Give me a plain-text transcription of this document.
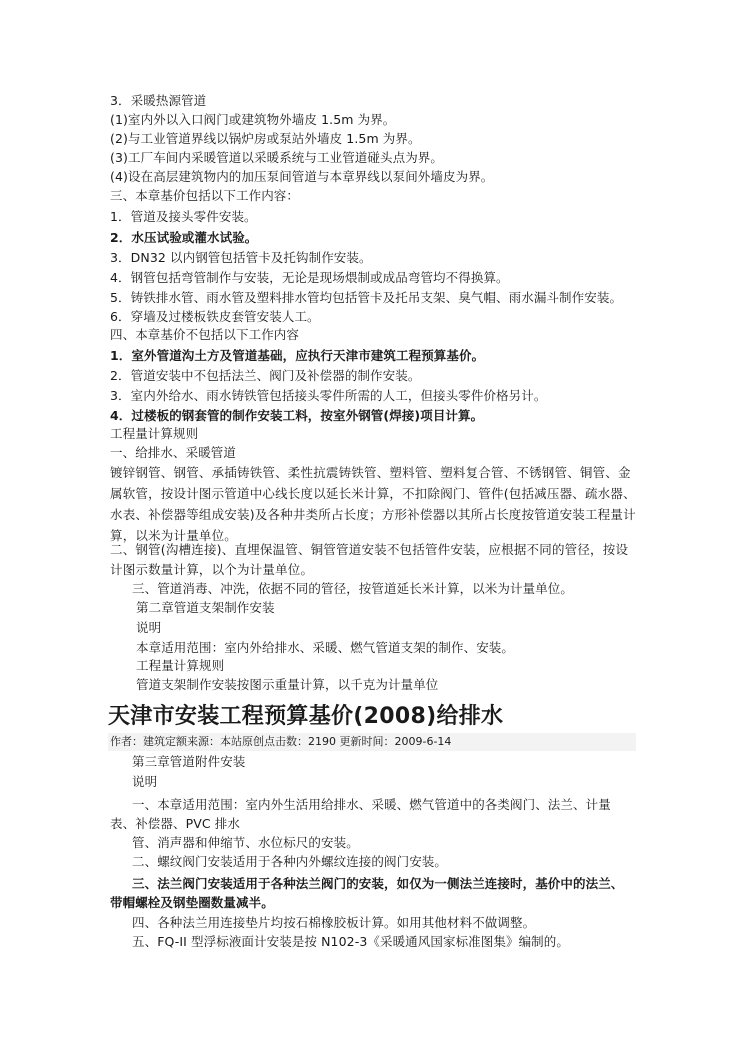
3．采暖热源管道
(1)室内外以入口阀门或建筑物外墙皮 1.5m 为界。
(2)与工业管道界线以锅炉房或泵站外墙皮 1.5m 为界。
(3)工厂车间内采暖管道以采暖系统与工业管道碰头点为界。
(4)设在高层建筑物内的加压泵间管道与本章界线以泵间外墙皮为界。
三、本章基价包括以下工作内容：
1．管道及接头零件安装。
2．水压试验或灌水试验。
3．DN32 以内钢管包括管卡及托钩制作安装。
4．钢管包括弯管制作与安装，无论是现场煨制或成品弯管均不得换算。
5．铸铁排水管、雨水管及塑料排水管均包括管卡及托吊支架、臭气帽、雨水漏斗制作安装。
6．穿墙及过楼板铁皮套管安装人工。
四、本章基价不包括以下工作内容
1．室外管道沟土方及管道基础，应执行天津市建筑工程预算基价。
2．管道安装中不包括法兰、阀门及补偿器的制作安装。
3．室内外给水、雨水铸铁管包括接头零件所需的人工，但接头零件价格另计。
4．过楼板的钢套管的制作安装工料，按室外钢管(焊接)项目计算。
工程量计算规则
一、给排水、采暖管道
镀锌钢管、钢管、承插铸铁管、柔性抗震铸铁管、塑料管、塑料复合管、不锈钢管、铜管、金属软管，按设计图示管道中心线长度以延长米计算，不扣除阀门、管件(包括减压器、疏水器、水表、补偿器等组成安装)及各种井类所占长度；方形补偿器以其所占长度按管道安装工程量计算，以米为计量单位。
二、钢管(沟槽连接)、直埋保温管、铜管管道安装不包括管件安装，应根据不同的管径，按设计图示数量计算，以个为计量单位。
三、管道消毒、冲洗，依据不同的管径，按管道延长米计算，以米为计量单位。
第二章管道支架制作安装
说明
本章适用范围：室内外给排水、采暖、燃气管道支架的制作、安装。
工程量计算规则
管道支架制作安装按图示重量计算，以千克为计量单位
天津市安装工程预算基价(2008)给排水
作者：建筑定额来源：本站原创点击数：2190 更新时间：2009-6-14
第三章管道附件安装
说明
一、本章适用范围：室内外生活用给排水、采暖、燃气管道中的各类阀门、法兰、计量
表、补偿器、PVC 排水
管、消声器和伸缩节、水位标尺的安装。
二、螺纹阀门安装适用于各种内外螺纹连接的阀门安装。
三、法兰阀门安装适用于各种法兰阀门的安装，如仅为一侧法兰连接时，基价中的法兰、
带帽螺栓及钢垫圈数量减半。
四、各种法兰用连接垫片均按石棉橡胶板计算。如用其他材料不做调整。
五、FQ-II 型浮标液面计安装是按 N102-3《采暖通风国家标准图集》编制的。
